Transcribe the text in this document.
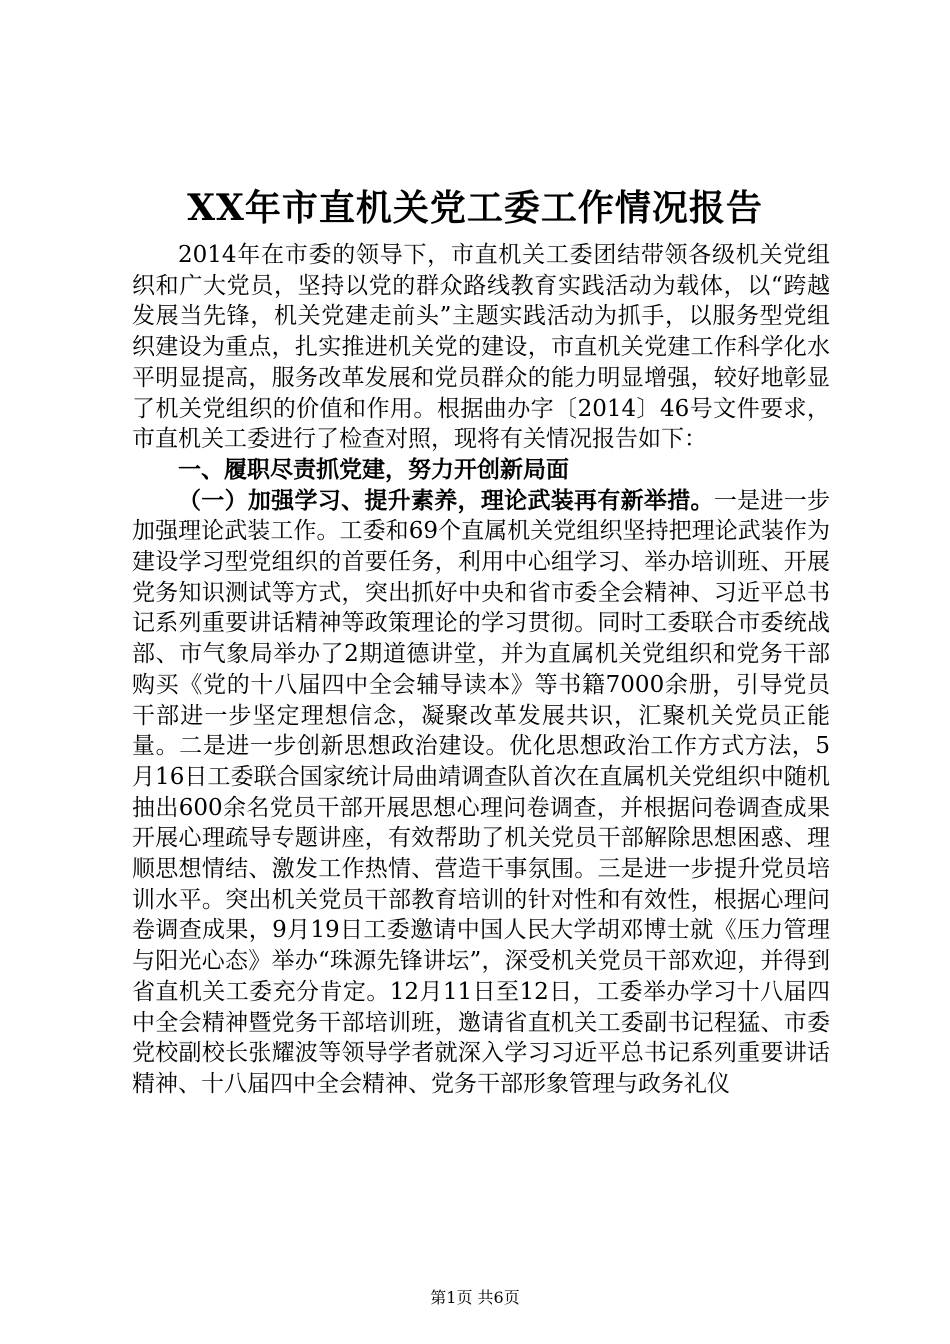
XX年市直机关党工委工作情况报告

2014年在市委的领导下，市直机关工委团结带领各级机关党组织和广大党员，坚持以党的群众路线教育实践活动为载体，以“跨越发展当先锋，机关党建走前头”主题实践活动为抓手，以服务型党组织建设为重点，扎实推进机关党的建设，市直机关党建工作科学化水平明显提高，服务改革发展和党员群众的能力明显增强，较好地彰显了机关党组织的价值和作用。根据曲办字〔2014〕46号文件要求，市直机关工委进行了检查对照，现将有关情况报告如下：

一、履职尽责抓党建，努力开创新局面

（一）加强学习、提升素养，理论武装再有新举措。一是进一步加强理论武装工作。工委和69个直属机关党组织坚持把理论武装作为建设学习型党组织的首要任务，利用中心组学习、举办培训班、开展党务知识测试等方式，突出抓好中央和省市委全会精神、习近平总书记系列重要讲话精神等政策理论的学习贯彻。同时工委联合市委统战部、市气象局举办了2期道德讲堂，并为直属机关党组织和党务干部购买《党的十八届四中全会辅导读本》等书籍7000余册，引导党员干部进一步坚定理想信念，凝聚改革发展共识，汇聚机关党员正能量。二是进一步创新思想政治建设。优化思想政治工作方式方法，5月16日工委联合国家统计局曲靖调查队首次在直属机关党组织中随机抽出600余名党员干部开展思想心理问卷调查，并根据问卷调查成果开展心理疏导专题讲座，有效帮助了机关党员干部解除思想困惑、理顺思想情结、激发工作热情、营造干事氛围。三是进一步提升党员培训水平。突出机关党员干部教育培训的针对性和有效性，根据心理问卷调查成果，9月19日工委邀请中国人民大学胡邓博士就《压力管理与阳光心态》举办“珠源先锋讲坛”，深受机关党员干部欢迎，并得到省直机关工委充分肯定。12月11日至12日，工委举办学习十八届四中全会精神暨党务干部培训班，邀请省直机关工委副书记程猛、市委党校副校长张耀波等领导学者就深入学习习近平总书记系列重要讲话精神、十八届四中全会精神、党务干部形象管理与政务礼仪

第1页 共6页
